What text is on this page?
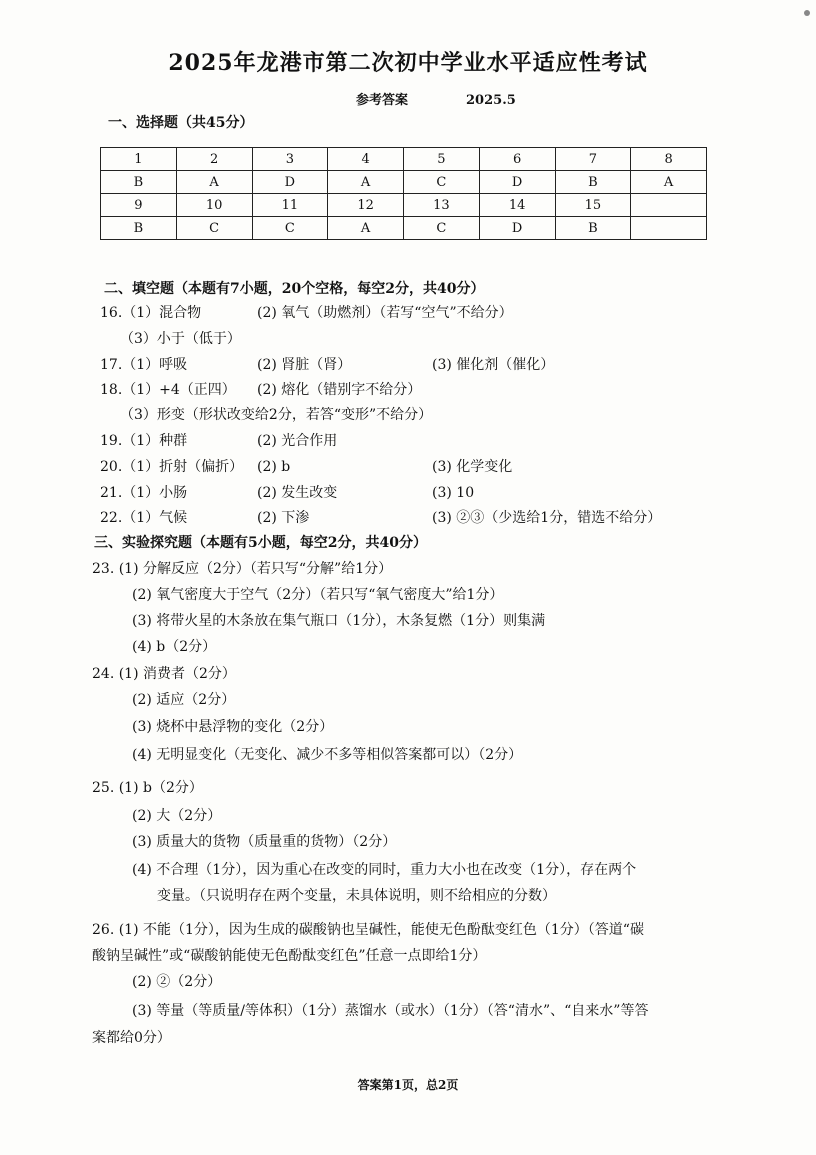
2025年龙港市第二次初中学业水平适应性考试
参考答案	2025.5
一、选择题（共45分）
1	2	3	4	5	6	7	8
B	A	D	A	C	D	B	A
9	10	11	12	13	14	15	
B	C	C	A	C	D	B	
二、填空题（本题有7小题，20个空格，每空2分，共40分）
16.（1）混合物	(2) 氧气（助燃剂）（若写“空气”不给分）
（3）小于（低于）
17.（1）呼吸	(2) 肾脏（肾）	(3) 催化剂（催化）
18.（1）+4（正四） (2) 熔化（错别字不给分）
（3）形变（形状改变给2分，若答“变形”不给分）
19.（1）种群	(2) 光合作用
20.（1）折射（偏折） (2) b	(3) 化学变化
21.（1）小肠	(2) 发生改变	(3) 10
22.（1）气候	(2) 下渗	(3) ②③（少选给1分，错选不给分）
三、实验探究题（本题有5小题，每空2分，共40分）
23. (1) 分解反应（2分）（若只写“分解”给1分）
(2) 氧气密度大于空气（2分）（若只写“氧气密度大”给1分）
(3) 将带火星的木条放在集气瓶口（1分），木条复燃（1分）则集满
(4) b（2分）
24. (1) 消费者（2分）
(2) 适应（2分）
(3) 烧杯中悬浮物的变化（2分）
(4) 无明显变化（无变化、减少不多等相似答案都可以）（2分）
25. (1) b（2分）
(2) 大（2分）
(3) 质量大的货物（质量重的货物）（2分）
(4) 不合理（1分），因为重心在改变的同时，重力大小也在改变（1分），存在两个
变量。（只说明存在两个变量，未具体说明，则不给相应的分数）
26. (1) 不能（1分），因为生成的碳酸钠也呈碱性，能使无色酚酞变红色（1分）（答道“碳
酸钠呈碱性”或“碳酸钠能使无色酚酞变红色”任意一点即给1分）
(2) ②（2分）
(3) 等量（等质量/等体积）（1分）蒸馏水（或水）（1分）（答“清水”、“自来水”等答
案都给0分）
答案第1页，总2页
